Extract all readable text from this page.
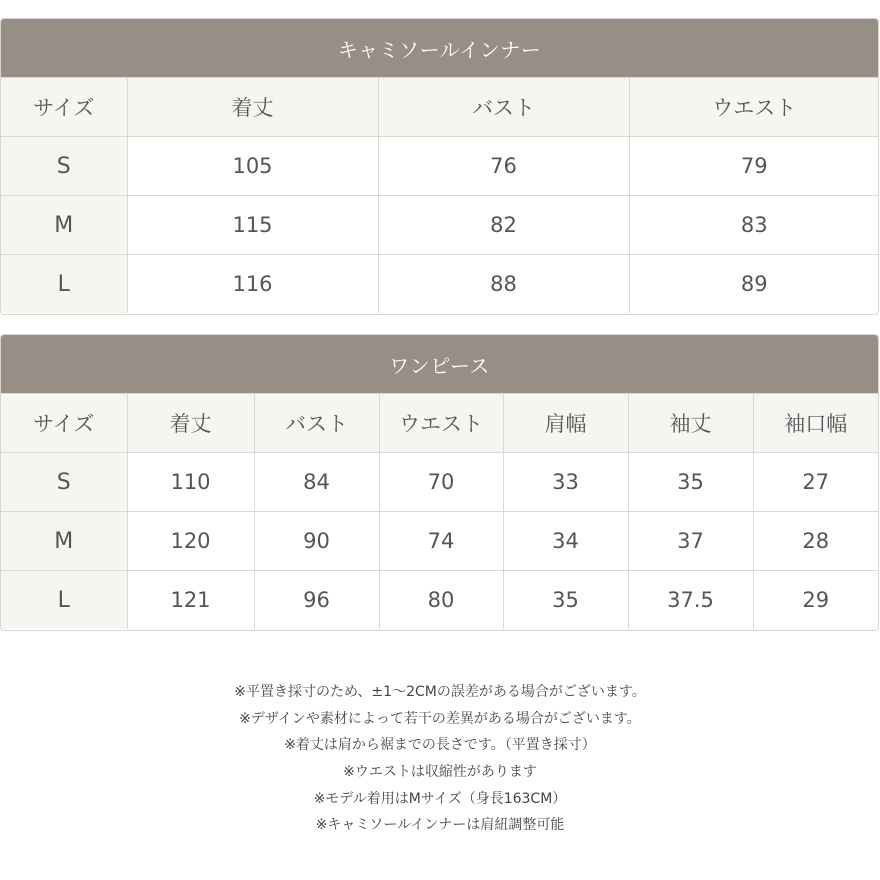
キャミソールインナー
サイズ	着丈	バスト	ウエスト
S	105	76	79
M	115	82	83
L	116	88	89
ワンピース
サイズ	着丈	バスト	ウエスト	肩幅	袖丈	袖口幅
S	110	84	70	33	35	27
M	120	90	74	34	37	28
L	121	96	80	35	37.5	29
※平置き採寸のため、±1〜2CMの誤差がある場合がございます。
※デザインや素材によって若干の差異がある場合がございます。
※着丈は肩から裾までの長さです。（平置き採寸）
※ウエストは収縮性があります
※モデル着用はMサイズ（身長163CM）
※キャミソールインナーは肩紐調整可能
